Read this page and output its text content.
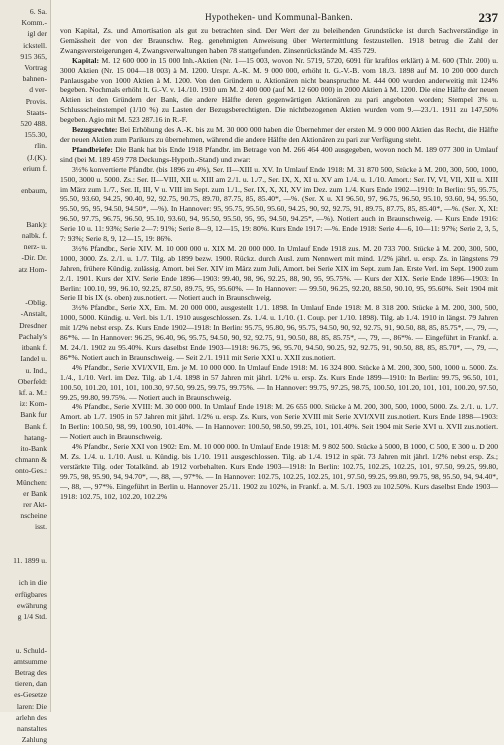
6. Sa.
Komm.-
igl der
ickstell.
915 365,
Vortrag
bahnen-
d ver-
Provis.
Staats-
520 488.
155.30,
rlin.
(J.(K).
erium f.

enbaum,

Bank):
nalbk. f.
nerz- u.
-Dir. Dr.
atz Hom-

-Oblig.
-Anstalt,
Dresdner
Pachaly's
itbank f.
Iandel u.
u. Ind.,
Oberfeld:
kf. a. M.:
iz: Kom-
Bank fur
Bank f.
hatang-
ito-Bank
chmann &
onto-Ges.:
München:
er Bank
rer Akt-
nscheine
isst.

11. 1899 u.

ich in die
erfügbares
ewährung
g 1/4 Std.

u. Schuld-
amtsumme
Betrag des
tieren, dan
es-Gesetze
laren: Die
arlehn des
nanstaltes
Zahlung
Hypotheken- und Kommunal-Banken.	237

von Kapital, Zs. und Amortisation als gut zu betrachten sind. Der Wert der zu beleihenden Grundstücke ist durch Sachverständige in Gemässheit der von der Braunschw. Reg. genehmigten Anweisung über Wertermittlung festzustellen. 1918 betrug die Zahl der Zwangsversteigerungen 4, Zwangsverwaltungen haben 78 stattgefunden. Zinsenrückstände M. 435 729.

Kapital: M. 12 600 000 in 15 000 Inh.-Aktien (Nr. 1—15 003, wovon Nr. 5719, 5720, 6091 für kraftlos erklärt) à M. 600 (Thlr. 200) u. 3000 Aktien (Nr. 15 004—18 003) à M. 1200. Urspr. A.-K. M. 9 000 000, erhöht lt. G.-V.-B. vom 18./3. 1898 auf M. 10 200 000 durch Panlausgabe von 1000 Aktien à M. 1200. Von den Gründern u. Aktionären nicht beanspruchte M. 444 000 wurden anderweitig mit 124% begeben. Nochmals erhöht lt. G.-V. v. 14./10. 1910 um M. 2 400 000 (auf M. 12 600 000) in 2000 Aktien à M. 1200. Die eine Hälfte der neuen Aktien ist den Gründern der Bank, die andere Hälfte deren gegenwärtigen Aktionären zu pari angeboten worden; Stempel 3% u. Schlussscheinstempel (1/10 %) zu Lasten der Bezugsberechtigten. Die nichtbezogenen Aktien wurden vom 9.—23./1. 1911 zu 147,50% begeben. Agio mit M. 523 287.16 in R.-F.

Bezugsrechte: Bei Erhöhung des A.-K. bis zu M. 30 000 000 haben die Übernehmer der ersten M. 9 000 000 Aktien das Recht, die Hälfte der neuen Aktien zum Parikurs zu übernehmen, während die andere Hälfte den Aktionären zu pari zur Verfügung steht.

Pfandbriefe: Die Bank hat bis Ende 1918 Pfandbr. im Betrage von M. 266 464 400 ausgegeben, wovon noch M. 189 077 300 in Umlauf sind (bei M. 189 459 778 Deckungs-Hypoth.-Stand) und zwar:

3½% konvertierte Pfandbr. (bis 1896 zu 4%), Ser. II—XIII u. XV. In Umlauf Ende 1918: M. 31 870 500, Stücke à M. 200, 300, 500, 1000, 1500, 3000 u. 5000. Zs.: Ser. II—VIII, XII u. XIII am 2./1. u. 1./7., Ser. IX, X, XI u. XV am 1./4. u. 1./10. Amort.: Ser. IV, VI, VII, XII u. XIII im März zum 1./7., Ser. II, III, V u. VIII im Sept. zum 1./1., Ser. IX, X, XI, XV im Dez. zum 1./4. Kurs Ende 1902—1910: In Berlin: 95, 95.75, 95.50, 93.60, 94.25, 90.40, 92, 92.75, 90.75, 89.70, 87.75, 85, 85.40*, —%. (Ser. X u. XI 96.50, 97, 96.75, 96.50, 95.10, 93.60, 94, 95.50, 95.50, 95, 95, 94.50, 94.50*, —%). In Hannover: 95, 95.75, 95.50, 95.60, 94.25, 90, 92, 92.75, 91, 89.75, 87.75, 85, 85.40*, —%. (Ser. X, XI: 96.50, 97.75, 96.75, 96.50, 95.10, 93.60, 94, 95.50, 95.50, 95, 95, 94.50, 94.25*, —%). Notiert auch in Braunschweig. — Kurs Ende 1916: Serie 10 u. 11: 93%; Serie 2—7: 91%; Serie 8—9, 12—15, 19: 80%. Kurs Ende 1917: —%. Ende 1918: Serie 4—6, 10—11: 97%; Serie 2, 3, 5, 7: 93%; Serie 8, 9, 12—15, 19: 86%.

3½% Pfandbr., Serie XIV. M. 10 000 000 u. XIX M. 20 000 000. In Umlauf Ende 1918 zus. M. 20 733 700. Stücke à M. 200, 300, 500, 1000, 3000. Zs. 2./1. u. 1./7. Tilg. ab 1899 bezw. 1900. Rückz. durch Ausl. zum Nennwert mit mind. 1/2% jährl. u. ersp. Zs. in längstens 79 Jahren, frühere Kündig. zulässig. Amort. bei Ser. XIV im März zum Juli, Amort. bei Serie XIX im Sept. zum Jan. Erste Verl. im Sept. 1900 zum 2./1. 1901. Kurs der XIV. Serie Ende 1896—1903: 99.40, 98, 96, 92.25, 88, 90, 95, 95.75%. — Kurs der XIX. Serie Ende 1896—1903: In Berlin: 100.10, 99, 96.10, 92.25, 87.50, 89.75, 95, 95.60%. — In Hannover: — 99.50, 96.25, 92.20, 88.50, 90.10, 95, 95.60%. Seit 1904 mit Serie II bis IX (s. oben) zus.notiert. — Notiert auch in Braunschweig.

3½% Pfandbr., Serie XX, Em. M. 20 000 000, ausgestellt 1./1. 1898. In Umlauf Ende 1918: M. 8 318 200. Stücke à M. 200, 300, 500, 1000, 5000. Kündig. u. Verl. bis 1./1. 1910 ausgeschlossen. Zs. 1./4. u. 1./10. (1. Coup. per 1./10. 1898). Tilg. ab 1./4. 1910 in längst. 79 Jahren mit 1/2% nebst ersp. Zs. Kurs Ende 1902—1918: In Berlin: 95.75, 95.80, 96, 95.75, 94.50, 90, 92, 92.75, 91, 90.50, 88, 85, 85.75*, —, 79, —, 86*%. — In Hannover: 96.25, 96.40, 96, 95.75, 94.50, 90, 92, 92.75, 91, 90.50, 88, 85, 85.75*, —, 79, —, 86*%. — Eingeführt in Frankf. a. M. 24./1. 1902 zu 95.40%. Kurs daselbst Ende 1903—1918: 96.75, 96, 95.70, 94.50, 90.25, 92, 92.75, 91, 90.50, 88, 85, 85.70*, —, 79, —, 86*%. Notiert auch in Braunschweig. — Seit 2./1. 1911 mit Serie XXI u. XXII zus.notiert.

4% Pfandbr., Serie XVI/XVII, Em. je M. 10 000 000. In Umlauf Ende 1918: M. 16 324 800. Stücke à M. 200, 300, 500, 1000 u. 5000. Zs. 1./4., 1./10. Verl. im Dez. Tilg. ab 1./4. 1898 in 57 Jahren mit jährl. 1/2% u. ersp. Zs. Kurs Ende 1899—1910: In Berlin: 99.75, 96.50, 101, 100.50, 101.20, 101, 101, 100.30, 97.50, 99.25, 99.75, 99.75%. — In Hannover: 99.75, 97.25, 98.75, 100.50, 101.20, 101, 101, 100.20, 97.50, 99.25, 99.80, 99.75%. — Notiert auch in Braunschweig.

4% Pfandbr., Serie XVIII: M. 30 000 000. In Umlauf Ende 1918: M. 26 655 000. Stücke à M. 200, 300, 500, 1000, 5000. Zs. 2./1. u. 1./7. Amort. ab 1./7. 1905 in 57 Jahren mit jährl. 1/2% u. ersp. Zs. Kurs, von Serie XVIII mit Serie XVI/XVII zus.notiert. Kurs Ende 1898—1903: In Berlin: 100.50, 98, 99, 100.90, 101.40%. — In Hannover: 100.50, 98.50, 99.25, 101, 101.40%. Seit 1904 mit Serie XVI u. XVII zus.notiert. — Notiert auch in Braunschweig.

4% Pfandbr., Serie XXI von 1902: Em. M. 10 000 000. In Umlauf Ende 1918: M. 9 802 500. Stücke à 5000, B 1000, C 500, E 300 u. D 200 M. Zs. 1./4. u. 1./10. Ausl. u. Kündig. bis 1./10. 1911 ausgeschlossen. Tilg. ab 1./4. 1912 in spät. 73 Jahren mit jährl. 1/2% nebst ersp. Zs.; verstärkte Tilg. oder Totalkünd. ab 1912 vorbehalten. Kurs Ende 1903—1918: In Berlin: 102.75, 102.25, 102.25, 101, 97.50, 99.25, 99.80, 99.75, 98, 95.90, 94, 94.70*, —, 88, —, 97*%. — In Hannover: 102.75, 102.25, 102.25, 101, 97.50, 99.25, 99.80, 99.75, 98, 95.50, 94, 94.40*, —, 88, —, 97*%. Eingeführt in Berlin u. Hannover 25./11. 1902 zu 102%, in Frankf. a. M. 5./1. 1903 zu 102.50%. Kurs daselbst Ende 1903—1918: 102.75, 102, 102.20, 102.2%
